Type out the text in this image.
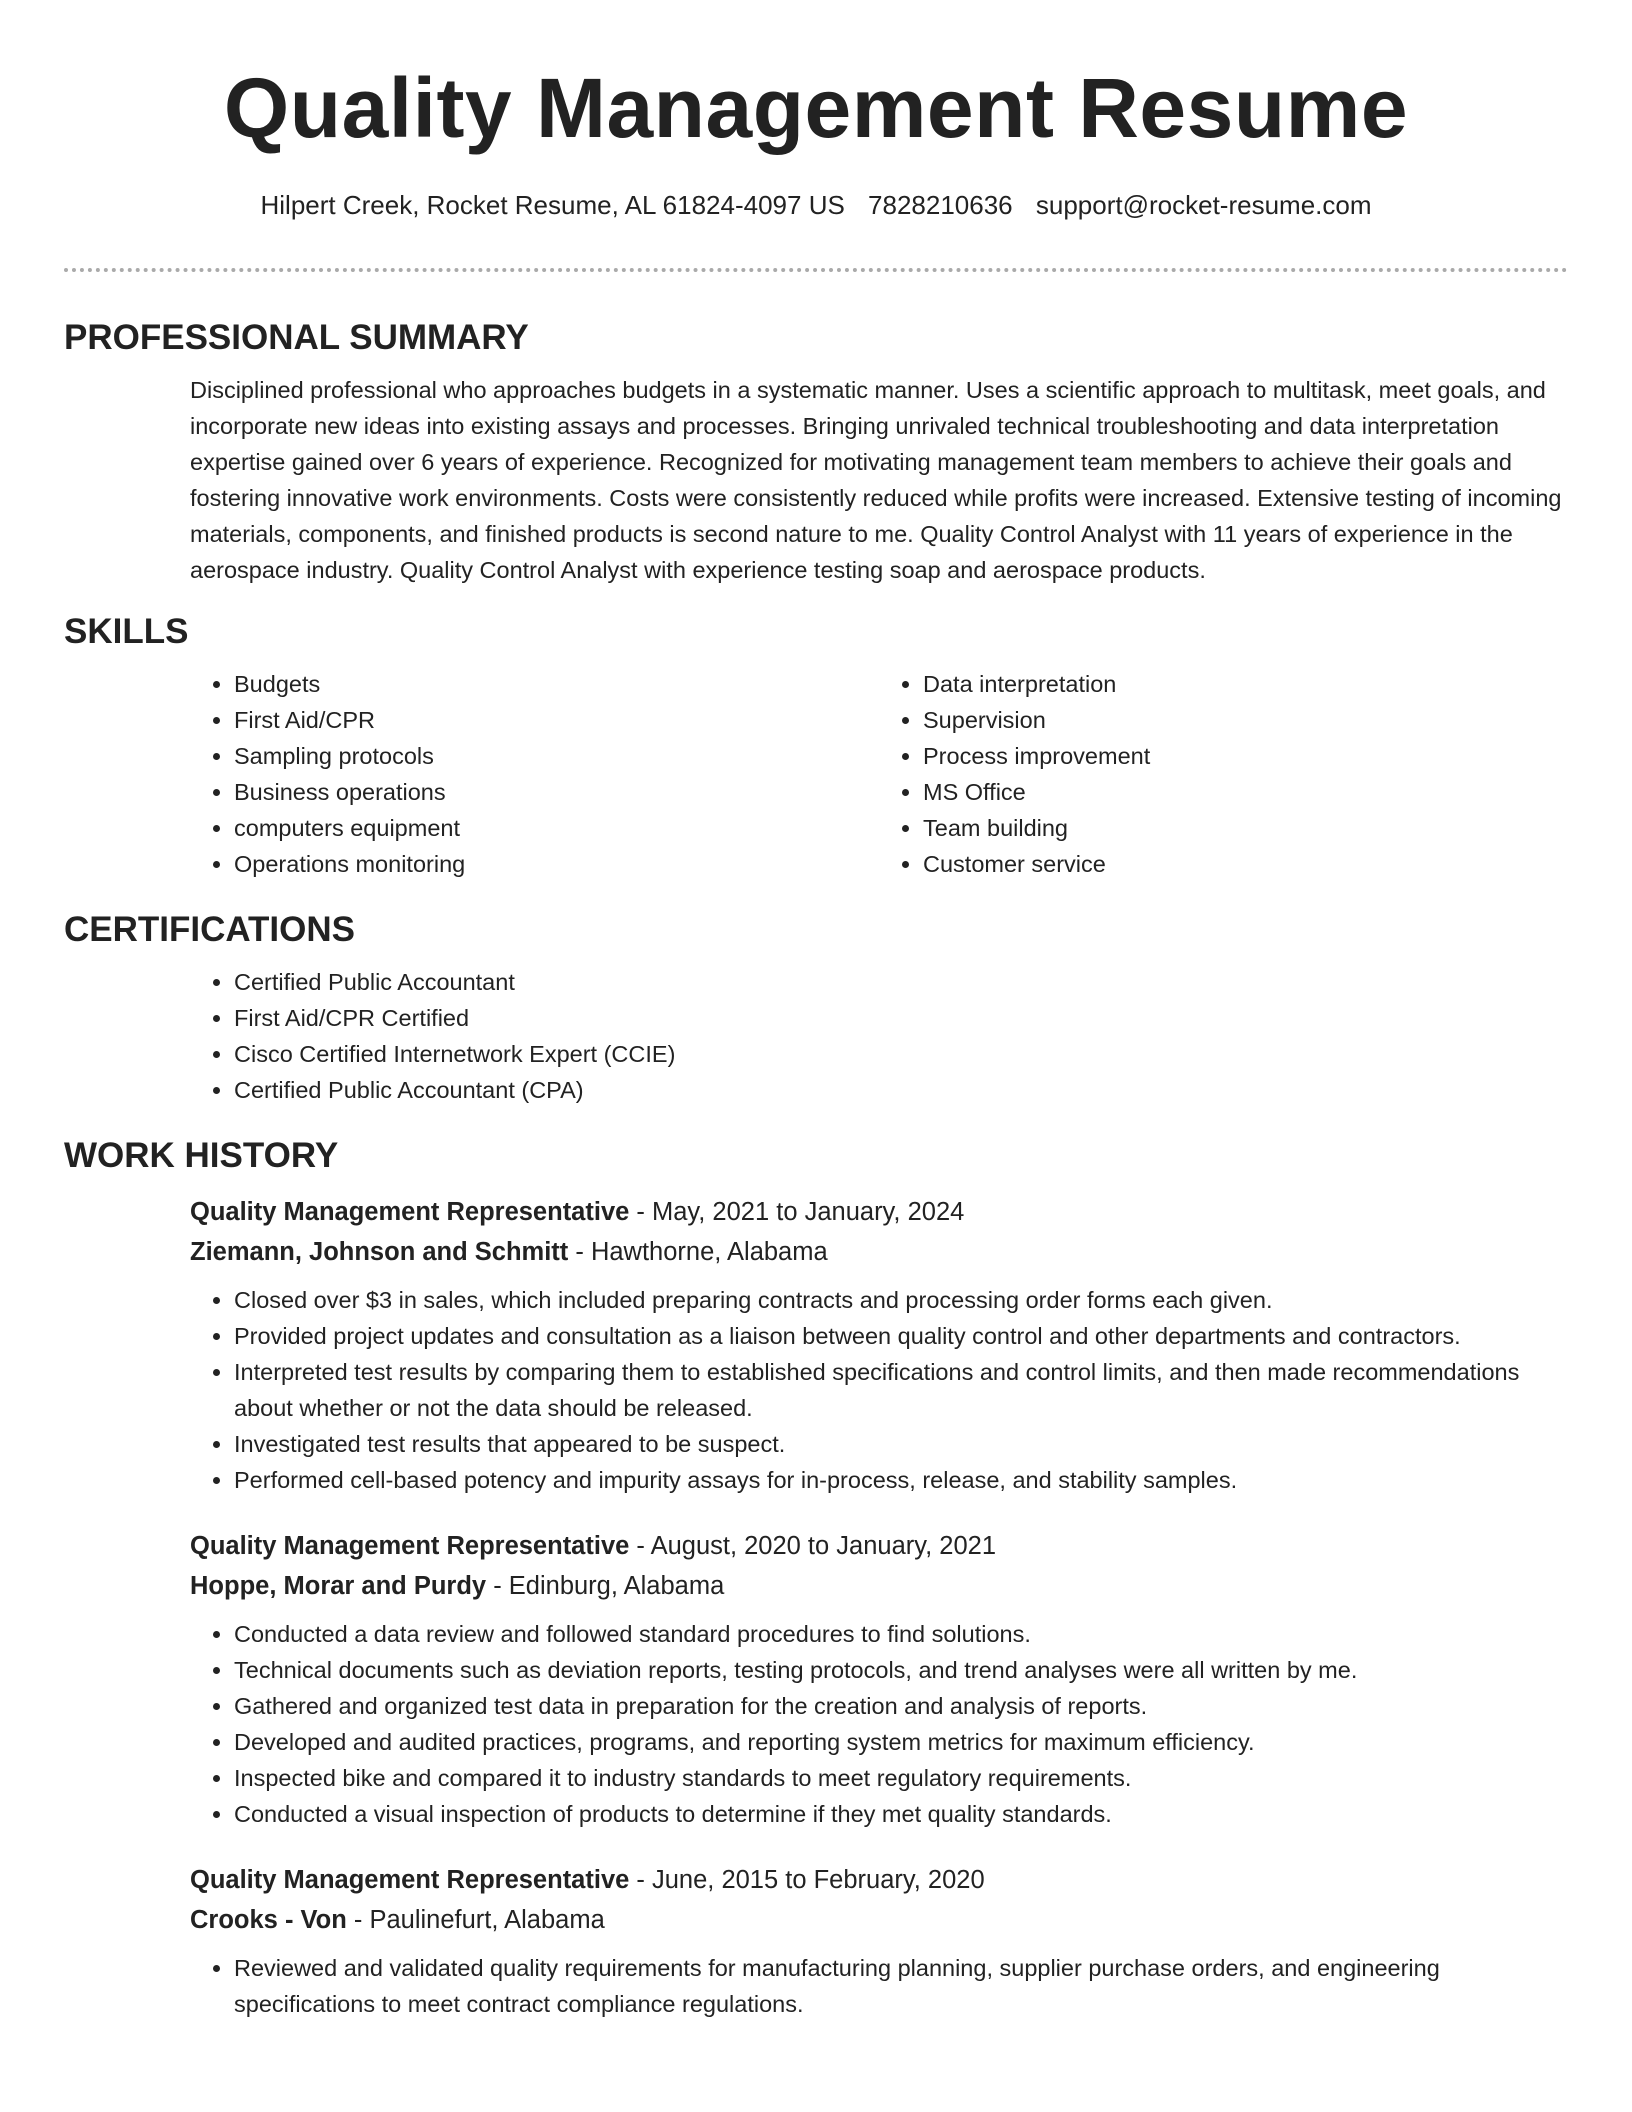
Quality Management Resume
Hilpert Creek, Rocket Resume, AL 61824-4097 US 7828210636 support@rocket-resume.com
PROFESSIONAL SUMMARY

Disciplined professional who approaches budgets in a systematic manner. Uses a scientific approach to multitask, meet goals, and incorporate new ideas into existing assays and processes. Bringing unrivaled technical troubleshooting and data interpretation expertise gained over 6 years of experience. Recognized for motivating management team members to achieve their goals and fostering innovative work environments. Costs were consistently reduced while profits were increased. Extensive testing of incoming materials, components, and finished products is second nature to me. Quality Control Analyst with 11 years of experience in the aerospace industry. Quality Control Analyst with experience testing soap and aerospace products.

SKILLS
• Budgets
• First Aid/CPR
• Sampling protocols
• Business operations
• computers equipment
• Operations monitoring
• Data interpretation
• Supervision
• Process improvement
• MS Office
• Team building
• Customer service
CERTIFICATIONS
• Certified Public Accountant
• First Aid/CPR Certified
• Cisco Certified Internetwork Expert (CCIE)
• Certified Public Accountant (CPA)
WORK HISTORY
Quality Management Representative - May, 2021 to January, 2024
Ziemann, Johnson and Schmitt - Hawthorne, Alabama
• Closed over $3 in sales, which included preparing contracts and processing order forms each given.
• Provided project updates and consultation as a liaison between quality control and other departments and contractors.
• Interpreted test results by comparing them to established specifications and control limits, and then made recommendations about whether or not the data should be released.
• Investigated test results that appeared to be suspect.
• Performed cell-based potency and impurity assays for in-process, release, and stability samples.
Quality Management Representative - August, 2020 to January, 2021
Hoppe, Morar and Purdy - Edinburg, Alabama
• Conducted a data review and followed standard procedures to find solutions.
• Technical documents such as deviation reports, testing protocols, and trend analyses were all written by me.
• Gathered and organized test data in preparation for the creation and analysis of reports.
• Developed and audited practices, programs, and reporting system metrics for maximum efficiency.
• Inspected bike and compared it to industry standards to meet regulatory requirements.
• Conducted a visual inspection of products to determine if they met quality standards.
Quality Management Representative - June, 2015 to February, 2020
Crooks - Von - Paulinefurt, Alabama
• Reviewed and validated quality requirements for manufacturing planning, supplier purchase orders, and engineering specifications to meet contract compliance regulations.
